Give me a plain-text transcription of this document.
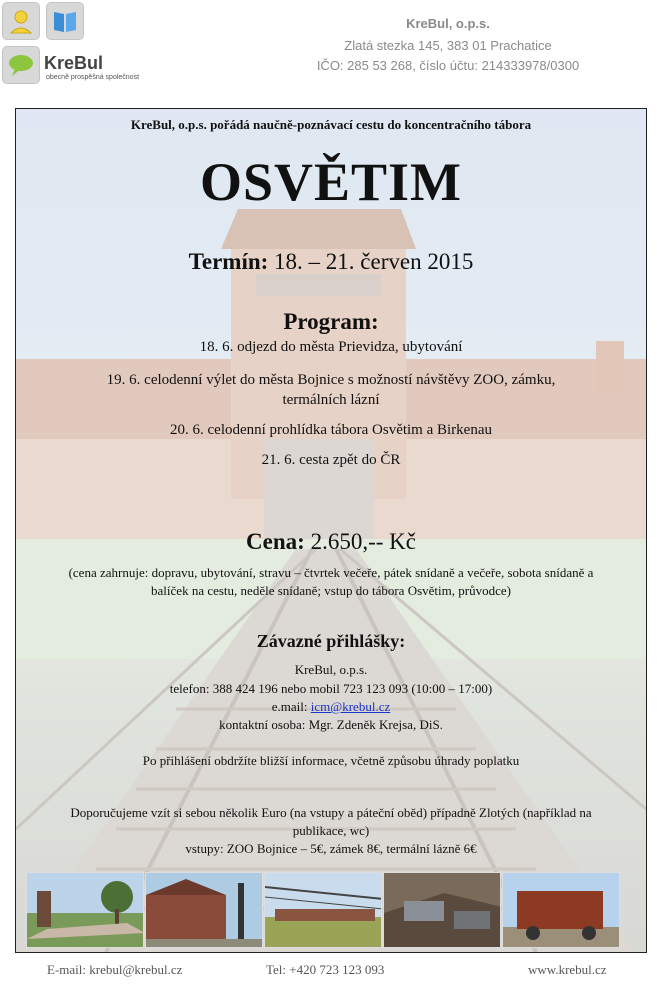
KreBul
obecně prospěšná společnost
KreBul, o.p.s.
Zlatá stezka 145, 383 01 Prachatice
IČO: 285 53 268, číslo účtu: 214333978/0300
KreBul, o.p.s. pořádá naučně-poznávací cestu do koncentračního tábora
OSVĚTIM
Termín: 18. – 21. červen 2015
Program:
18. 6. odjezd do města Prievidza, ubytování
19. 6. celodenní výlet do města Bojnice s možností návštěvy ZOO, zámku,
termálních lázní
20. 6. celodenní prohlídka tábora Osvětim a Birkenau
21. 6. cesta zpět do ČR
Cena: 2.650,-- Kč
(cena zahrnuje: dopravu, ubytování, stravu – čtvrtek večeře, pátek snídaně a večeře, sobota snídaně a
balíček na cestu, neděle snídaně; vstup do tábora Osvětim, průvodce)
Závazné přihlášky:
KreBul, o.p.s.
telefon: 388 424 196 nebo mobil 723 123 093 (10:00 – 17:00)
e.mail: icm@krebul.cz
kontaktní osoba: Mgr. Zdeněk Krejsa, DiS.
Po přihlášení obdržíte bližší informace, včetně způsobu úhrady poplatku
Doporučujeme vzít si sebou několik Euro (na vstupy a páteční oběd) případně Zlotých (například na
publikace, wc)
vstupy: ZOO Bojnice – 5€, zámek 8€, termální lázně 6€
E-mail: krebul@krebul.cz	Tel: +420 723 123 093	www.krebul.cz
